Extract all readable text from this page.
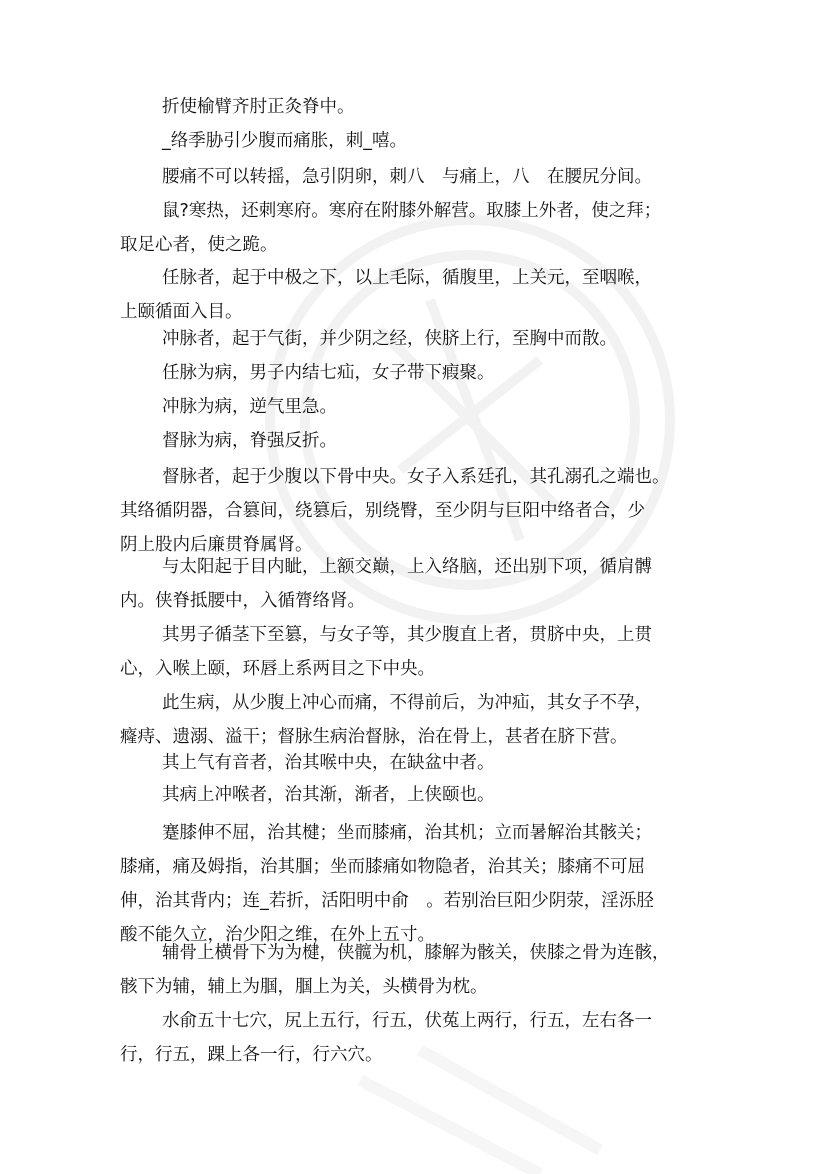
折使榆臂齐肘正灸脊中。

_络季胁引少腹而痛胀，刺_嘻。

腰痛不可以转摇，急引阴卵，刺八　与痛上，八　在腰尻分间。

鼠?寒热，还刺寒府。寒府在附膝外解营。取膝上外者，使之拜；
取足心者，使之跪。

任脉者，起于中极之下，以上毛际，循腹里，上关元，至咽喉，
上颐循面入目。

冲脉者，起于气街，并少阴之经，侠脐上行，至胸中而散。

任脉为病，男子内结七疝，女子带下瘕聚。

冲脉为病，逆气里急。

督脉为病，脊强反折。

督脉者，起于少腹以下骨中央。女子入系廷孔，其孔溺孔之端也。
其络循阴器，合篡间，绕篡后，别绕臀，至少阴与巨阳中络者合，少
阴上股内后廉贯脊属肾。

与太阳起于目内眦，上额交巅，上入络脑，还出别下项，循肩髆
内。侠脊抵腰中，入循膂络肾。

其男子循茎下至篡，与女子等，其少腹直上者，贯脐中央，上贯
心，入喉上颐，环唇上系两目之下中央。

此生病，从少腹上冲心而痛，不得前后，为冲疝，其女子不孕，
癃痔、遗溺、溢干；督脉生病治督脉，治在骨上，甚者在脐下营。

其上气有音者，治其喉中央，在缺盆中者。

其病上冲喉者，治其渐，渐者，上侠颐也。

蹇膝伸不屈，治其楗；坐而膝痛，治其机；立而暑解治其骸关；
膝痛，痛及姆指，治其腘；坐而膝痛如物隐者，治其关；膝痛不可屈
伸，治其背内；连_若折，活阳明中俞　。若别治巨阳少阴荥，淫泺胫
酸不能久立，治少阳之维，在外上五寸。

辅骨上横骨下为为楗，侠髋为机，膝解为骸关，侠膝之骨为连骸，
骸下为辅，辅上为腘，腘上为关，头横骨为枕。

水俞五十七穴，尻上五行，行五，伏菟上两行，行五，左右各一
行，行五，踝上各一行，行六穴。
